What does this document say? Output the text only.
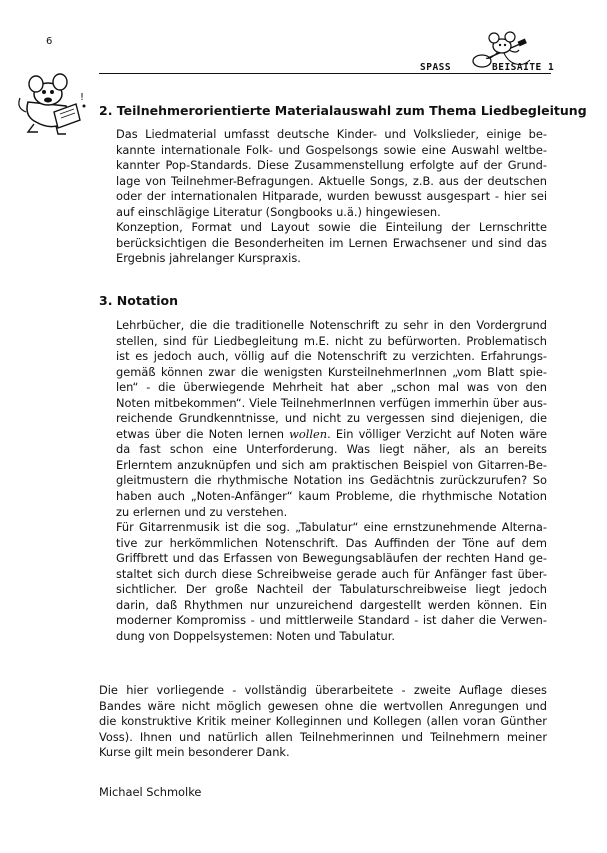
6
SPASS	BEISAITE 1
!
2. Teilnehmerorientierte Materialauswahl zum Thema Liedbegleitung

Das Liedmaterial umfasst deutsche Kinder- und Volkslieder, einige be-
kannte internationale Folk- und Gospelsongs sowie eine Auswahl weltbe-
kannter Pop-Standards. Diese Zusammenstellung erfolgte auf der Grund-
lage von Teilnehmer-Befragungen. Aktuelle Songs, z.B. aus der deutschen
oder der internationalen Hitparade, wurden bewusst ausgespart - hier sei
auf einschlägige Literatur (Songbooks u.ä.) hingewiesen.
Konzeption, Format und Layout sowie die Einteilung der Lernschritte
berücksichtigen die Besonderheiten im Lernen Erwachsener und sind das
Ergebnis jahrelanger Kurspraxis.

3. Notation

Lehrbücher, die die traditionelle Notenschrift zu sehr in den Vordergrund
stellen, sind für Liedbegleitung m.E. nicht zu befürworten. Problematisch
ist es jedoch auch, völlig auf die Notenschrift zu verzichten. Erfahrungs-
gemäß können zwar die wenigsten KursteilnehmerInnen „vom Blatt spie-
len“ - die überwiegende Mehrheit hat aber „schon mal was von den
Noten mitbekommen“. Viele TeilnehmerInnen verfügen immerhin über aus-
reichende Grundkenntnisse, und nicht zu vergessen sind diejenigen, die
etwas über die Noten lernen wollen. Ein völliger Verzicht auf Noten wäre
da fast schon eine Unterforderung. Was liegt näher, als an bereits
Erlerntem anzuknüpfen und sich am praktischen Beispiel von Gitarren-Be-
gleitmustern die rhythmische Notation ins Gedächtnis zurückzurufen? So
haben auch „Noten-Anfänger“ kaum Probleme, die rhythmische Notation
zu erlernen und zu verstehen.
Für Gitarrenmusik ist die sog. „Tabulatur“ eine ernstzunehmende Alterna-
tive zur herkömmlichen Notenschrift. Das Auffinden der Töne auf dem
Griffbrett und das Erfassen von Bewegungsabläufen der rechten Hand ge-
staltet sich durch diese Schreibweise gerade auch für Anfänger fast über-
sichtlicher. Der große Nachteil der Tabulaturschreibweise liegt jedoch
darin, daß Rhythmen nur unzureichend dargestellt werden können. Ein
moderner Kompromiss - und mittlerweile Standard - ist daher die Verwen-
dung von Doppelsystemen: Noten und Tabulatur.

Die hier vorliegende - vollständig überarbeitete - zweite Auflage dieses
Bandes wäre nicht möglich gewesen ohne die wertvollen Anregungen und
die konstruktive Kritik meiner Kolleginnen und Kollegen (allen voran Günther
Voss). Ihnen und natürlich allen Teilnehmerinnen und Teilnehmern meiner
Kurse gilt mein besonderer Dank.

Michael Schmolke
